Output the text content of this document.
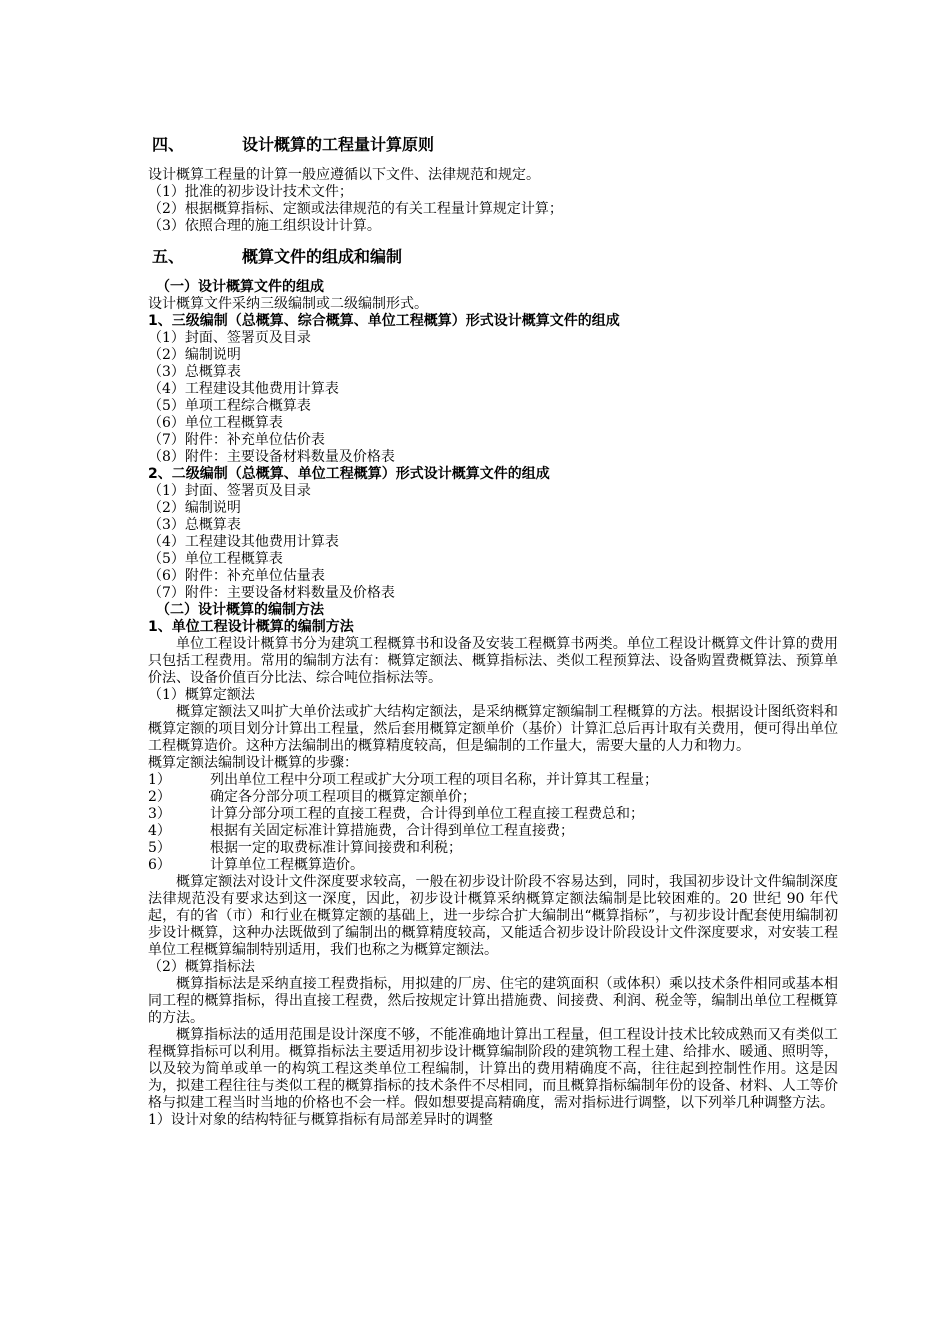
四、	设计概算的工程量计算原则

设计概算工程量的计算一般应遵循以下文件、法律规范和规定。

（1）批准的初步设计技术文件；

（2）根据概算指标、定额或法律规范的有关工程量计算规定计算；

（3）依照合理的施工组织设计计算。

五、	概算文件的组成和编制

（一）设计概算文件的组成

设计概算文件采纳三级编制或二级编制形式。

1、三级编制（总概算、综合概算、单位工程概算）形式设计概算文件的组成

（1）封面、签署页及目录

（2）编制说明

（3）总概算表

（4）工程建设其他费用计算表

（5）单项工程综合概算表

（6）单位工程概算表

（7）附件：补充单位估价表

（8）附件：主要设备材料数量及价格表

2、二级编制（总概算、单位工程概算）形式设计概算文件的组成

（1）封面、签署页及目录

（2）编制说明

（3）总概算表

（4）工程建设其他费用计算表

（5）单位工程概算表

（6）附件：补充单位估量表

（7）附件：主要设备材料数量及价格表

（二）设计概算的编制方法

1、单位工程设计概算的编制方法

单位工程设计概算书分为建筑工程概算书和设备及安装工程概算书两类。单位工程设计概算文件计算的费用只包括工程费用。常用的编制方法有：概算定额法、概算指标法、类似工程预算法、设备购置费概算法、预算单价法、设备价值百分比法、综合吨位指标法等。

（1）概算定额法

概算定额法又叫扩大单价法或扩大结构定额法，是采纳概算定额编制工程概算的方法。根据设计图纸资料和概算定额的项目划分计算出工程量，然后套用概算定额单价（基价）计算汇总后再计取有关费用，便可得出单位工程概算造价。这种方法编制出的概算精度较高，但是编制的工作量大，需要大量的人力和物力。

概算定额法编制设计概算的步骤：

1）	列出单位工程中分项工程或扩大分项工程的项目名称，并计算其工程量；

2）	确定各分部分项工程项目的概算定额单价；

3）	计算分部分项工程的直接工程费，合计得到单位工程直接工程费总和；

4）	根据有关固定标准计算措施费，合计得到单位工程直接费；

5）	根据一定的取费标准计算间接费和利税；

6）	计算单位工程概算造价。

概算定额法对设计文件深度要求较高，一般在初步设计阶段不容易达到，同时，我国初步设计文件编制深度法律规范没有要求达到这一深度，因此，初步设计概算采纳概算定额法编制是比较困难的。20 世纪 90 年代起，有的省（市）和行业在概算定额的基础上，进一步综合扩大编制出“概算指标”，与初步设计配套使用编制初步设计概算，这种办法既做到了编制出的概算精度较高，又能适合初步设计阶段设计文件深度要求，对安装工程单位工程概算编制特别适用，我们也称之为概算定额法。

（2）概算指标法

概算指标法是采纳直接工程费指标，用拟建的厂房、住宅的建筑面积（或体积）乘以技术条件相同或基本相同工程的概算指标，得出直接工程费，然后按规定计算出措施费、间接费、利润、税金等，编制出单位工程概算的方法。

概算指标法的适用范围是设计深度不够，不能准确地计算出工程量，但工程设计技术比较成熟而又有类似工程概算指标可以利用。概算指标法主要适用初步设计概算编制阶段的建筑物工程土建、给排水、暖通、照明等，以及较为简单或单一的构筑工程这类单位工程编制，计算出的费用精确度不高，往往起到控制性作用。这是因为，拟建工程往往与类似工程的概算指标的技术条件不尽相同，而且概算指标编制年份的设备、材料、人工等价格与拟建工程当时当地的价格也不会一样。假如想要提高精确度，需对指标进行调整，以下列举几种调整方法。

1）设计对象的结构特征与概算指标有局部差异时的调整
